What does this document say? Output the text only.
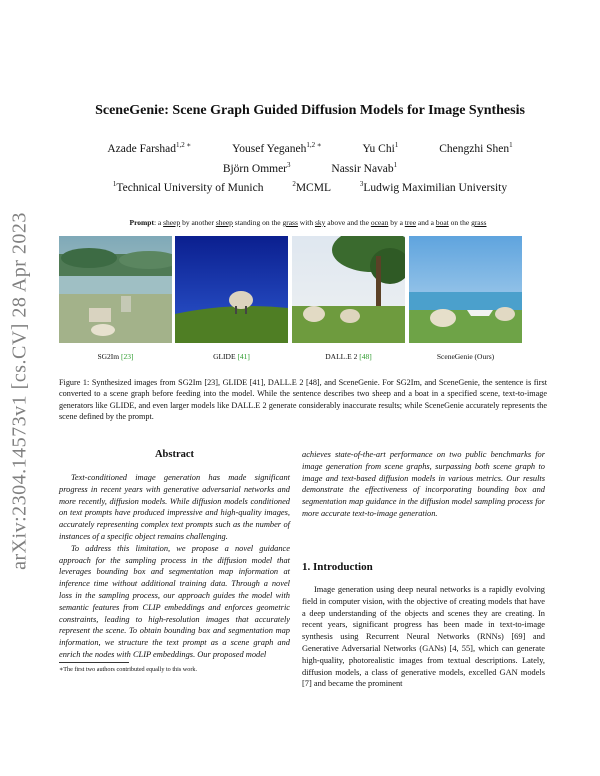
arXiv:2304.14573v1 [cs.CV] 28 Apr 2023
SceneGenie: Scene Graph Guided Diffusion Models for Image Synthesis
Azade Farshad$^{1,2 ∗}$	Yousef Yeganeh$^{1,2 ∗}$	Yu Chi$^1$	Chengzhi Shen$^1$
Björn Ommer$^3$	Nassir Navab$^1$
$^1$Technical University of Munich	$^2$MCML	$^3$Ludwig Maximilian University
Prompt: a sheep by another sheep standing on the grass with sky above and the ocean by a tree and a boat on the grass
SG2Im [23]	GLIDE [41]	DALL.E 2 [48]	SceneGenie (Ours)
Figure 1: Synthesized images from SG2Im [23], GLIDE [41], DALL.E 2 [48], and SceneGenie. For SG2Im, and SceneGenie, the sentence is first converted to a scene graph before feeding into the model. While the sentence describes two sheep and a boat in a specified scene, text-to-image generators like GLIDE, and even larger models like DALL.E 2 generate considerably inaccurate results; while SceneGenie accurately represents the scene defined by the prompt.
Abstract
Text-conditioned image generation has made significant progress in recent years with generative adversarial networks and more recently, diffusion models. While diffusion models conditioned on text prompts have produced impressive and high-quality images, accurately representing complex text prompts such as the number of instances of a specific object remains challenging.
To address this limitation, we propose a novel guidance approach for the sampling process in the diffusion model that leverages bounding box and segmentation map information at inference time without additional training data. Through a novel loss in the sampling process, our approach guides the model with semantic features from CLIP embeddings and enforces geometric constraints, leading to high-resolution images that accurately represent the scene. To obtain bounding box and segmentation map information, we structure the text prompt as a scene graph and enrich the nodes with CLIP embeddings. Our proposed model
achieves state-of-the-art performance on two public benchmarks for image generation from scene graphs, surpassing both scene graph to image and text-based diffusion models in various metrics. Our results demonstrate the effectiveness of incorporating bounding box and segmentation map guidance in the diffusion model sampling process for more accurate text-to-image generation.
1. Introduction
Image generation using deep neural networks is a rapidly evolving field in computer vision, with the objective of creating models that have a deep understanding of the objects and scenes they are creating. In recent years, significant progress has been made in text-to-image synthesis using Recurrent Neural Networks (RNNs) [69] and Generative Adversarial Networks (GANs) [4, 55], which can generate high-quality, photorealistic images from textual descriptions. Lately, diffusion models, a class of generative models, excelled GAN models [7] and became the prominent
∗The first two authors contributed equally to this work.
